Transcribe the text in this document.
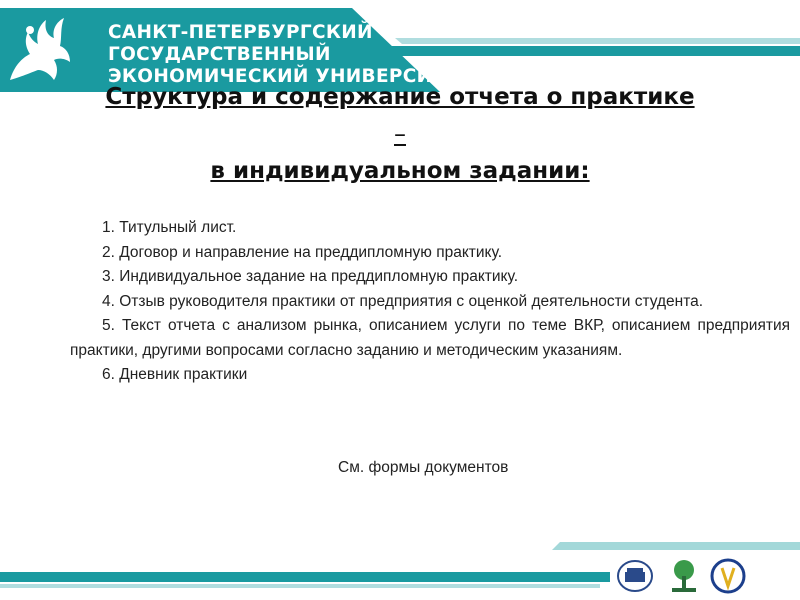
САНКТ-ПЕТЕРБУРГСКИЙ
ГОСУДАРСТВЕННЫЙ
ЭКОНОМИЧЕСКИЙ УНИВЕРСИТЕТ
Структура и содержание отчета о практике
–
в индивидуальном задании:
1. Титульный лист.
2. Договор и направление на преддипломную практику.
3. Индивидуальное задание на преддипломную практику.
4. Отзыв руководителя практики от предприятия с оценкой деятельности студента.
5. Текст отчета с анализом рынка, описанием услуги по теме ВКР, описанием предприятия практики, другими вопросами согласно заданию и методическим указаниям.
6. Дневник практики
См. формы документов
